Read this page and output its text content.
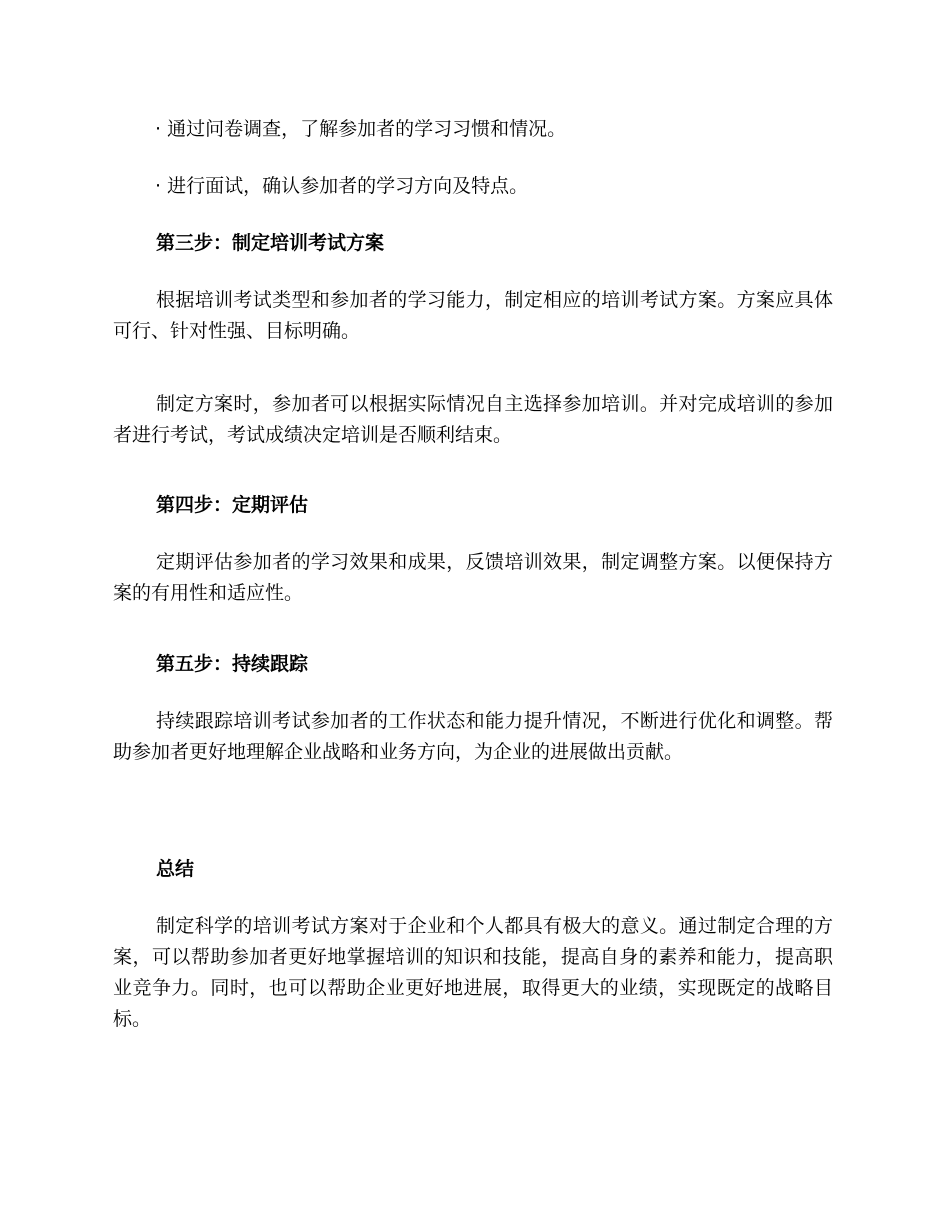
· 通过问卷调查，了解参加者的学习习惯和情况。

· 进行面试，确认参加者的学习方向及特点。

第三步：制定培训考试方案

根据培训考试类型和参加者的学习能力，制定相应的培训考试方案。方案应具体可行、针对性强、目标明确。

制定方案时，参加者可以根据实际情况自主选择参加培训。并对完成培训的参加者进行考试，考试成绩决定培训是否顺利结束。

第四步：定期评估

定期评估参加者的学习效果和成果，反馈培训效果，制定调整方案。以便保持方案的有用性和适应性。

第五步：持续跟踪

持续跟踪培训考试参加者的工作状态和能力提升情况，不断进行优化和调整。帮助参加者更好地理解企业战略和业务方向，为企业的进展做出贡献。

总结

制定科学的培训考试方案对于企业和个人都具有极大的意义。通过制定合理的方案，可以帮助参加者更好地掌握培训的知识和技能，提高自身的素养和能力，提高职业竞争力。同时，也可以帮助企业更好地进展，取得更大的业绩，实现既定的战略目标。
